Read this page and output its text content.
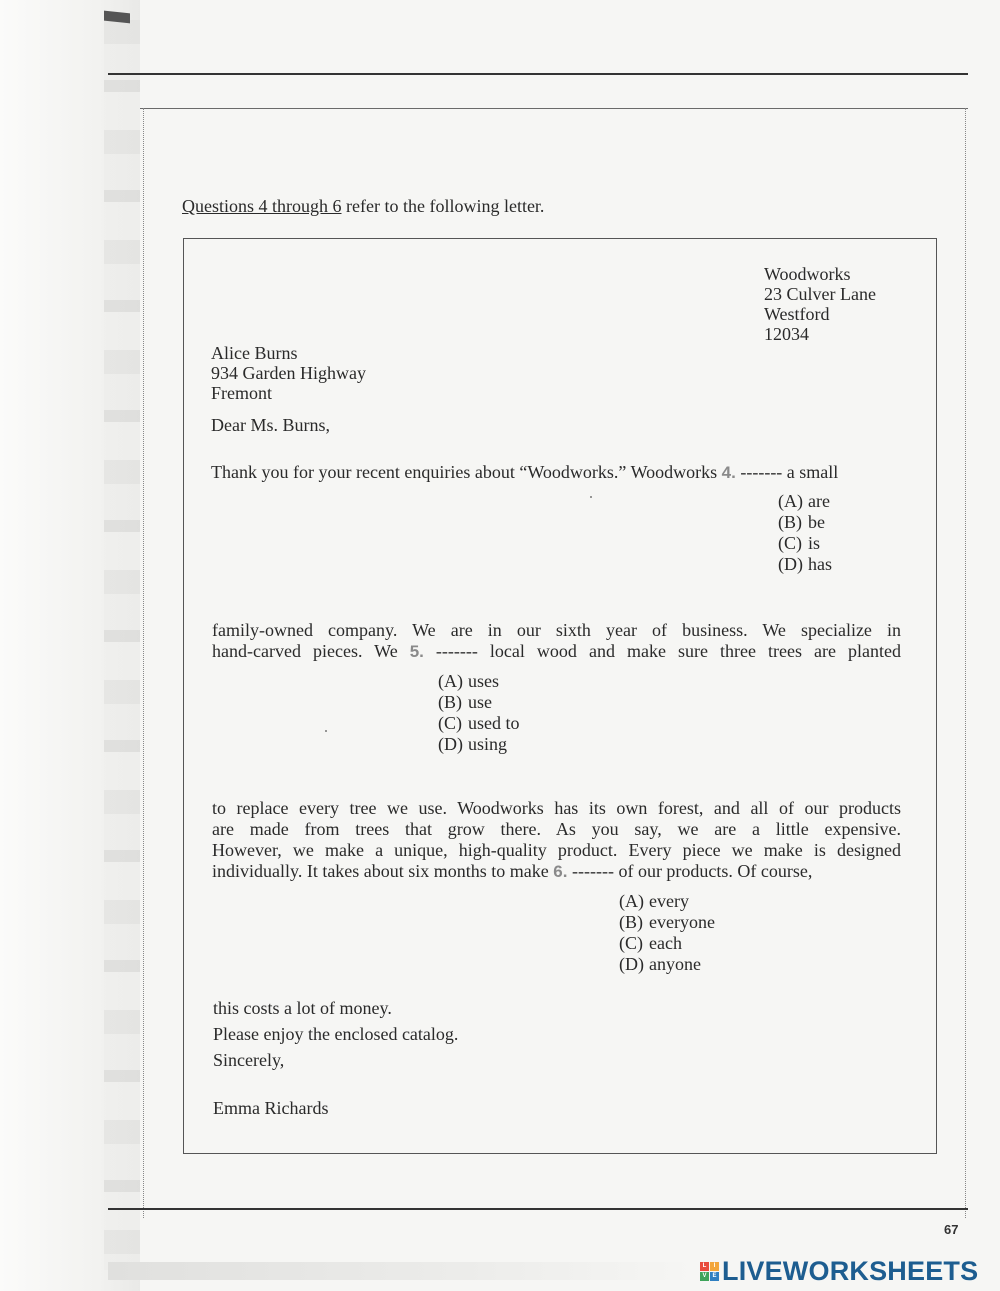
Questions 4 through 6 refer to the following letter.
Woodworks
23 Culver Lane
Westford
12034
Alice Burns
934 Garden Highway
Fremont
Dear Ms. Burns,
Thank you for your recent enquiries about “Woodworks.” Woodworks 4. ------- a small
(A) are
(B) be
(C) is
(D) has
family-owned company. We are in our sixth year of business. We specialize in
hand-carved pieces. We 5. ------- local wood and make sure three trees are planted
(A) uses
(B) use
(C) used to
(D) using
to replace every tree we use. Woodworks has its own forest, and all of our products
are made from trees that grow there. As you say, we are a little expensive.
However, we make a unique, high-quality product. Every piece we make is designed
individually. It takes about six months to make 6. ------- of our products. Of course,
(A) every
(B) everyone
(C) each
(D) anyone
this costs a lot of money.
Please enjoy the enclosed catalog.
Sincerely,
Emma Richards
67
L	I
V E LIVEWORKSHEETS
